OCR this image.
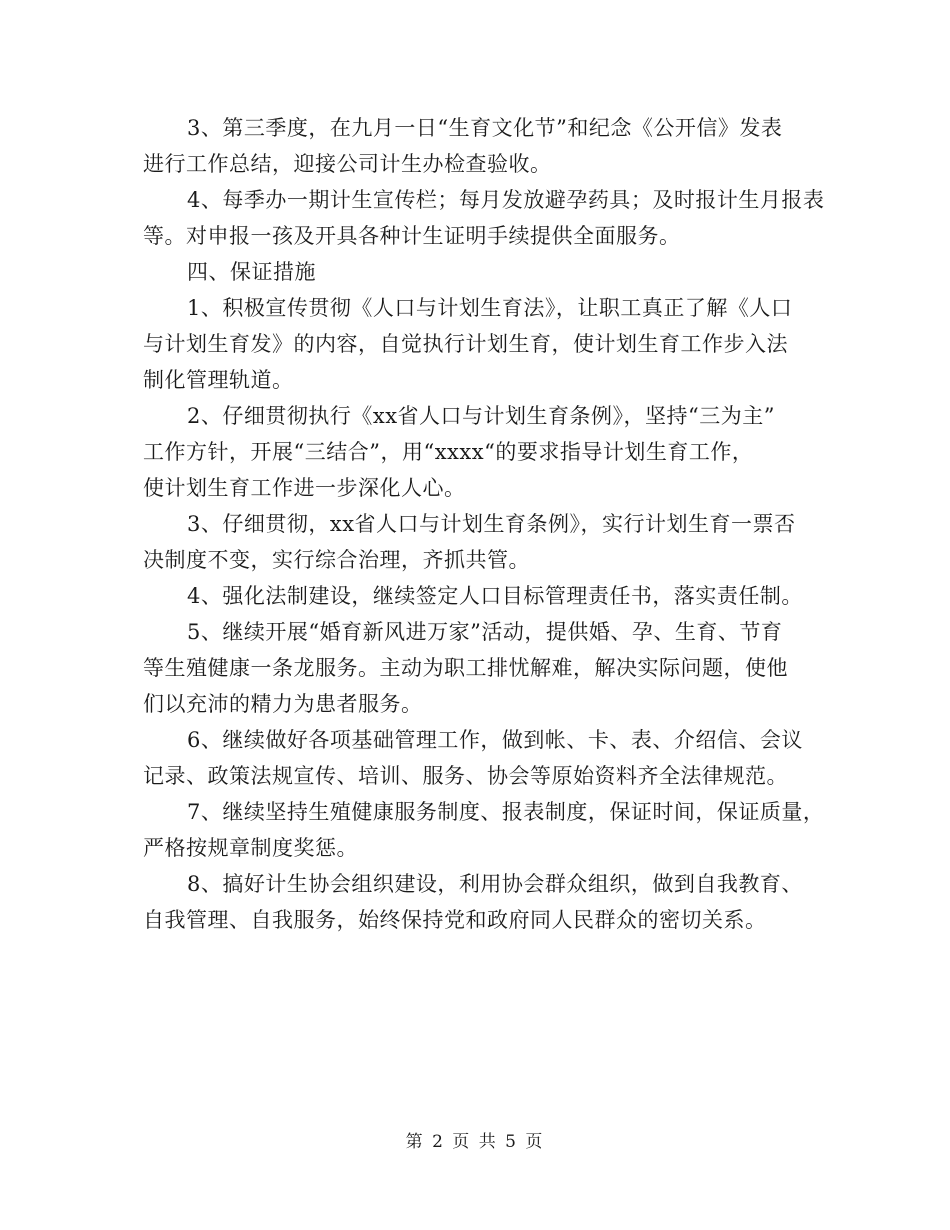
3、第三季度，在九月一日“生育文化节”和纪念《公开信》发表
进行工作总结，迎接公司计生办检查验收。

4、每季办一期计生宣传栏；每月发放避孕药具；及时报计生月报表
等。对申报一孩及开具各种计生证明手续提供全面服务。

四、保证措施

1、积极宣传贯彻《人口与计划生育法》，让职工真正了解《人口
与计划生育发》的内容，自觉执行计划生育，使计划生育工作步入法
制化管理轨道。

2、仔细贯彻执行《xx省人口与计划生育条例》，坚持“三为主”
工作方针，开展“三结合”，用“xxxx“的要求指导计划生育工作，
使计划生育工作进一步深化人心。

3、仔细贯彻，xx省人口与计划生育条例》，实行计划生育一票否
决制度不变，实行综合治理，齐抓共管。

4、强化法制建设，继续签定人口目标管理责任书，落实责任制。

5、继续开展“婚育新风进万家”活动，提供婚、孕、生育、节育
等生殖健康一条龙服务。主动为职工排忧解难，解决实际问题，使他
们以充沛的精力为患者服务。

6、继续做好各项基础管理工作，做到帐、卡、表、介绍信、会议
记录、政策法规宣传、培训、服务、协会等原始资料齐全法律规范。

7、继续坚持生殖健康服务制度、报表制度，保证时间，保证质量，
严格按规章制度奖惩。

8、搞好计生协会组织建设，利用协会群众组织，做到自我教育、
自我管理、自我服务，始终保持党和政府同人民群众的密切关系。

第 2 页 共 5 页
